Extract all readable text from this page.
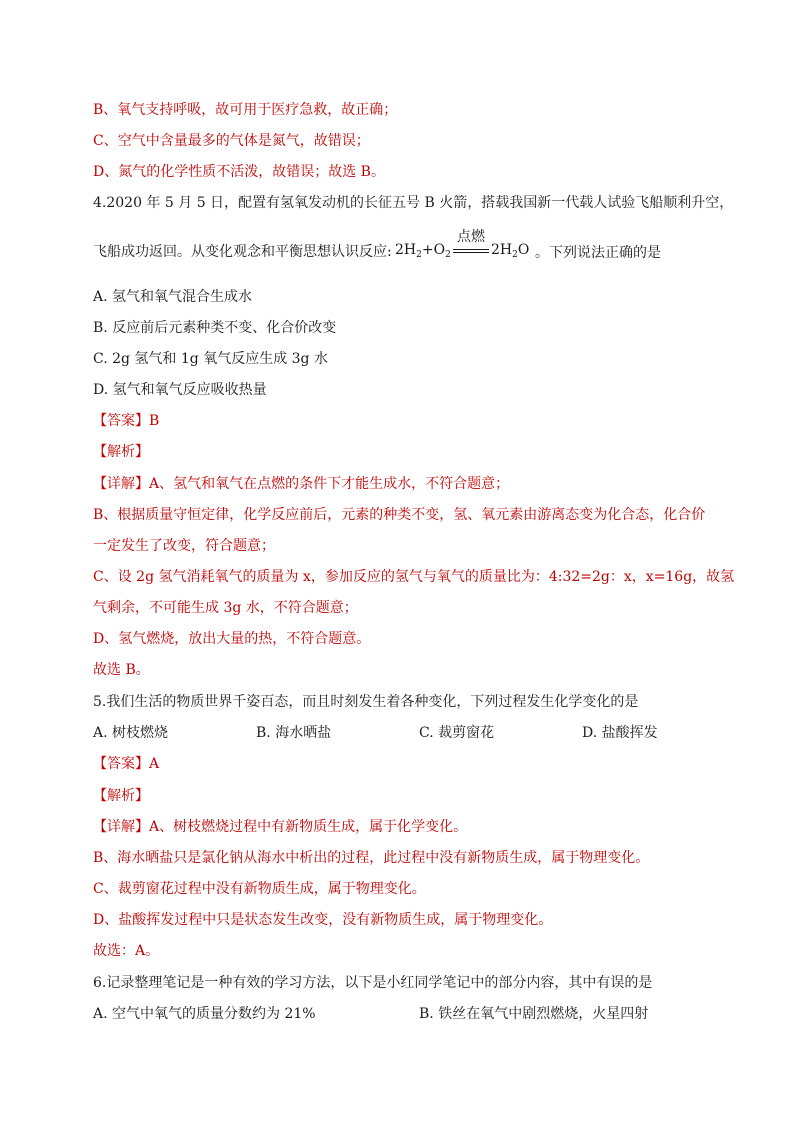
B、氧气支持呼吸，故可用于医疗急救，故正确；
C、空气中含量最多的气体是氮气，故错误；
D、氮气的化学性质不活泼，故错误；故选 B。
4.2020 年 5 月 5 日，配置有氢氧发动机的长征五号 B 火箭，搭载我国新一代载人试验飞船顺利升空，
飞船成功返回。从变化观念和平衡思想认识反应: $2H_2+O_2$
点燃
$2H_2O$ 。下列说法正确的是
A. 氢气和氧气混合生成水
B. 反应前后元素种类不变、化合价改变
C. 2g 氢气和 1g 氧气反应生成 3g 水
D. 氢气和氧气反应吸收热量
【答案】B
【解析】
【详解】A、氢气和氧气在点燃的条件下才能生成水，不符合题意；
B、根据质量守恒定律，化学反应前后，元素的种类不变，氢、氧元素由游离态变为化合态，化合价
一定发生了改变，符合题意；
C、设 2g 氢气消耗氧气的质量为 x，参加反应的氢气与氧气的质量比为：4:32=2g：x，x=16g，故氢
气剩余，不可能生成 3g 水，不符合题意；
D、氢气燃烧，放出大量的热，不符合题意。
故选 B。
5.我们生活的物质世界千姿百态，而且时刻发生着各种变化，下列过程发生化学变化的是
A. 树枝燃烧	B. 海水晒盐	C. 裁剪窗花	D. 盐酸挥发
【答案】A
【解析】
【详解】A、树枝燃烧过程中有新物质生成，属于化学变化。
B、海水晒盐只是氯化钠从海水中析出的过程，此过程中没有新物质生成，属于物理变化。
C、裁剪窗花过程中没有新物质生成，属于物理变化。
D、盐酸挥发过程中只是状态发生改变，没有新物质生成，属于物理变化。
故选：A。
6.记录整理笔记是一种有效的学习方法，以下是小红同学笔记中的部分内容，其中有误的是
A. 空气中氧气的质量分数约为 21%	B. 铁丝在氧气中剧烈燃烧，火星四射
